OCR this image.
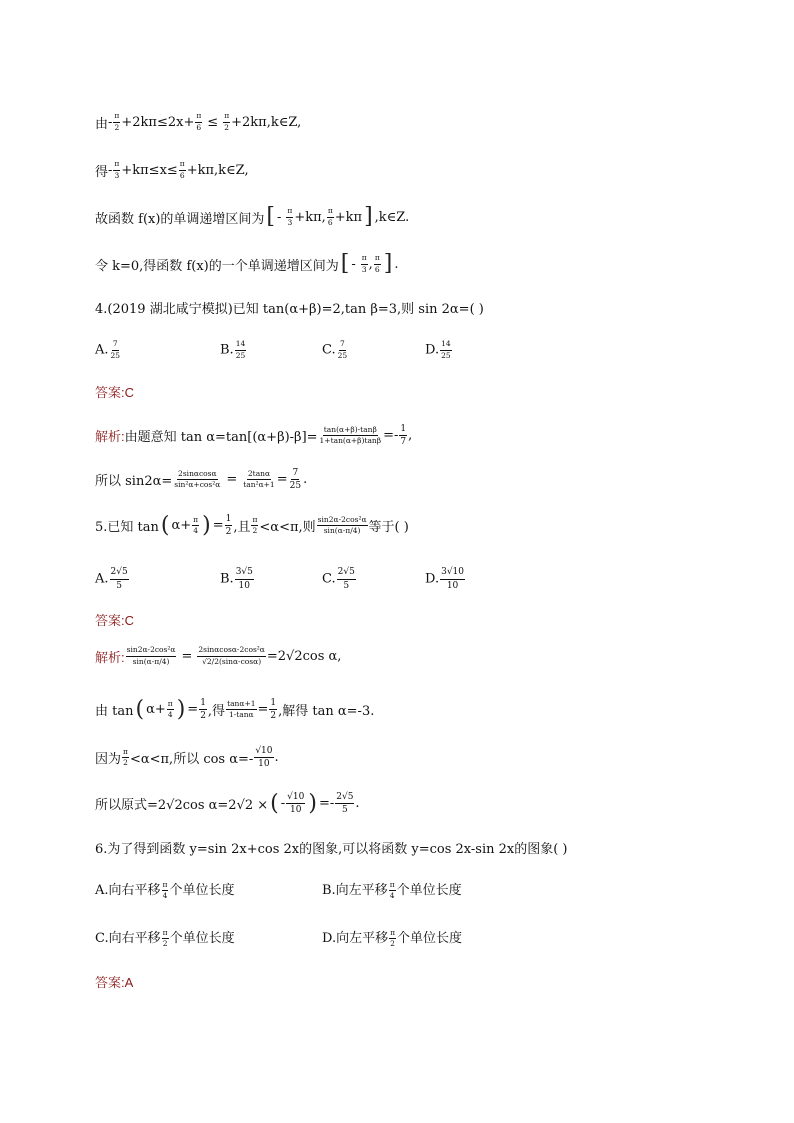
由 - $\frac{\pi}{2} +2k\pi\le 2x+ \frac{\pi}{6} \le \frac{\pi}{2}$ +2kπ,k∈Z,
得 - $\frac{\pi}{3} +k\pi\le x\le \frac{\pi}{6}$ +kπ,k∈Z,
故函数 f(x)的单调递增区间为 [ - $\frac{\pi}{3} +k\pi$, $\frac{\pi}{6} +k\pi$ ] ,k∈Z.
令 k=0,得函数 f(x)的一个单调递增区间为 [ - $\frac{\pi}{3}$ , $\frac{\pi}{6}$ ] .
4.(2019 湖北咸宁模拟)已知 tan(α+β)=2,tan β=3,则 sin 2α=( )
A. $\frac{7}{25}$	B. $\frac{14}{25}$	C. $\frac{7}{25}$	D. $\frac{14}{25}$
答案:C
解析: 由题意知 $\tan \alpha=\tan[(\alpha+\beta)-\beta]= \frac{\tan(\alpha+\beta)-\tan\beta}{1+\tan(\alpha+\beta)\tan\beta} =- \frac{1}{7}$ ,
所以 $\sin 2\alpha= \frac{2\sin\alpha\cos\alpha}{\text{sin²α+cos²α}} = \frac{2\tan\alpha}{\text{tan²α+1}} = \frac{7}{25}$ .
5.已知 tan ( $\alpha+ \frac{\pi}{4}$ ) = $\frac{1}{2}$ ,且 $\frac{\pi}{2} <\alpha<\pi$,则 $\frac{\text{sin2α-2cos²α}}{\sin(\alpha-\pi/4)}$ 等于( )
A. $\frac{2√5}{5}$	B. $\frac{3√5}{10}$	C. $\frac{2√5}{5}$	D. $\frac{3√10}{10}$
答案:C
解析: $\frac{\text{sin2α-2cos²α}}{\sin(\alpha-\pi/4)} = \frac{\text{2sinαcosα-2cos²α}}{√2/2(\sin\alpha-\cos\alpha)} =2√2\cos$ α,
由 tan ( $\alpha+ \frac{\pi}{4}$ ) = $\frac{1}{2}$ ,得 $\frac{\tan\alpha+1}{1-\tan\alpha} = \frac{1}{2}$ ,解得 tan α=-3.
因为 $\frac{\pi}{2} <\alpha<\pi$,所以 $\cos \alpha=- \frac{√10}{10}$ .
所以原式=2√2cos α=2√2 × ( - $\frac{√10}{10}$ ) =- $\frac{2√5}{5}$ .
6.为了得到函数 y=sin 2x+cos 2x的图象,可以将函数 y=cos 2x-sin 2x的图象( )
A.向右平移 $\frac{\pi}{4}$ 个单位长度	B.向左平移 $\frac{\pi}{4}$ 个单位长度
C.向右平移 $\frac{\pi}{2}$ 个单位长度	D.向左平移 $\frac{\pi}{2}$ 个单位长度
答案:A
